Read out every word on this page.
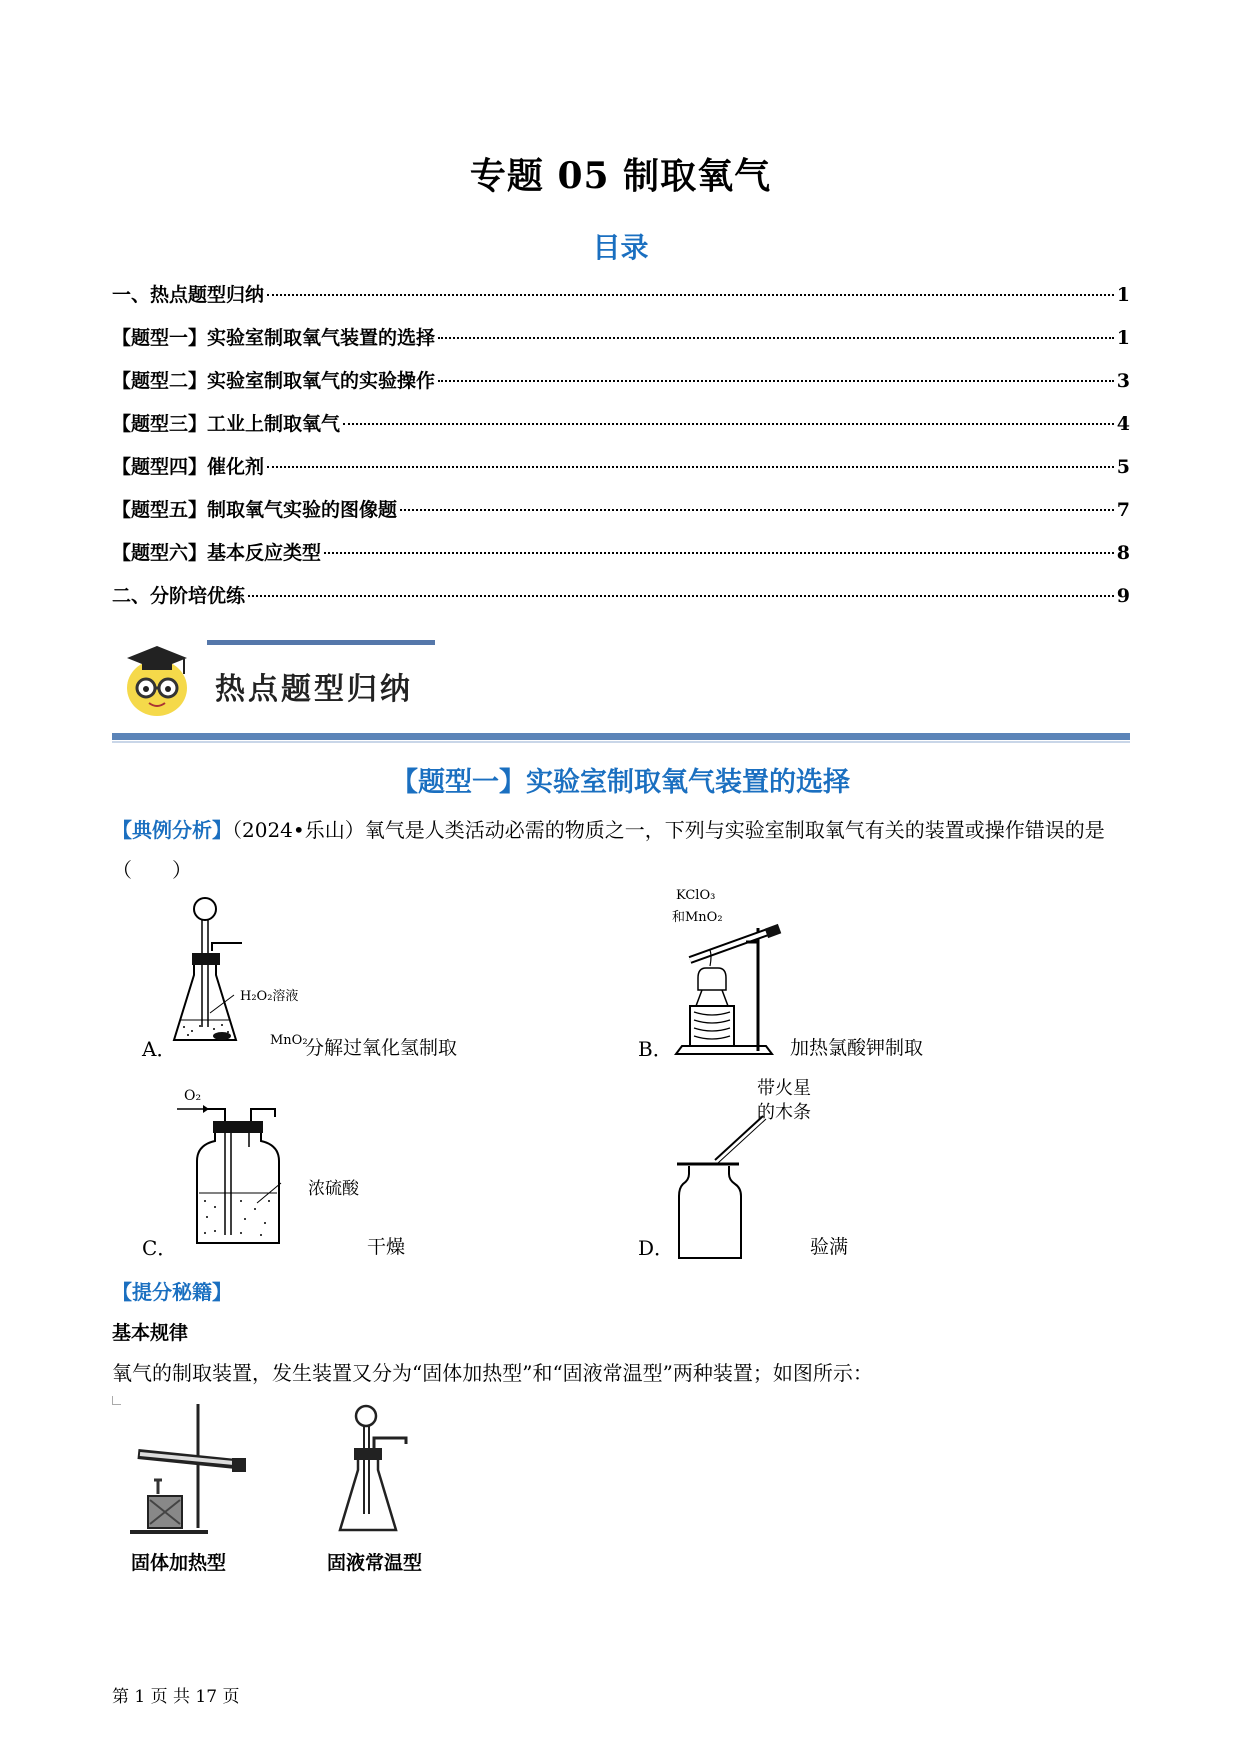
专题 05 制取氧气
目录
一、热点题型归纳	1
【题型一】实验室制取氧气装置的选择	1
【题型二】实验室制取氧气的实验操作	3
【题型三】工业上制取氧气	4
【题型四】催化剂	5
【题型五】制取氧气实验的图像题	7
【题型六】基本反应类型	8
二、分阶培优练	9
热点题型归纳
【题型一】实验室制取氧气装置的选择
【典例分析】（2024•乐山）氧气是人类活动必需的物质之一，下列与实验室制取氧气有关的装置或操作错误的是（　　）
H₂O₂溶液
MnO₂
A．	分解过氧化氢制取
KClO₃
和MnO₂
B．	加热氯酸钾制取
O₂
浓硫酸
C．	干燥
带火星
的木条
D．	验满
【提分秘籍】
基本规律
氧气的制取装置，发生装置又分为“固体加热型”和“固液常温型”两种装置；如图所示：
固体加热型	固液常温型
第 1 页 共 17 页
